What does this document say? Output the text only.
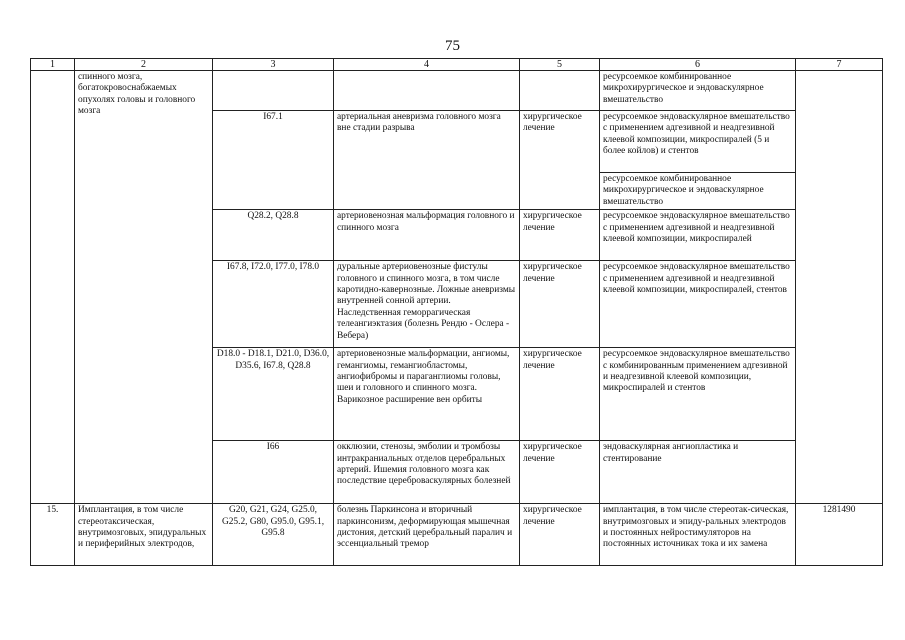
75
1	2	3	4	5	6	7
	спинного мозга, богатокровоснабжаемых опухолях головы и головного мозга				ресурсоемкое комбинированное микрохирургическое и эндоваскулярное вмешательство	
		I67.1	артериальная аневризма головного мозга вне стадии разрыва	хирургическое лечение	ресурсоемкое эндоваскулярное вмешательство с применением адгезивной и неадгезивной клеевой композиции, микроспиралей (5 и более койлов) и стентов	
					ресурсоемкое комбинированное микрохирургическое и эндоваскулярное вмешательство	
		Q28.2, Q28.8	артериовенозная мальформация головного и спинного мозга	хирургическое лечение	ресурсоемкое эндоваскулярное вмешательство с применением адгезивной и неадгезивной клеевой композиции, микроспиралей	
		I67.8, I72.0, I77.0, I78.0	дуральные артериовенозные фистулы головного и спинного мозга, в том числе каротидно-кавернозные. Ложные аневризмы внутренней сонной артерии. Наследственная геморрагическая телеангиэктазия (болезнь Рендю - Ослера - Вебера)	хирургическое лечение	ресурсоемкое эндоваскулярное вмешательство с применением адгезивной и неадгезивной клеевой композиции, микроспиралей, стентов	
		D18.0 - D18.1, D21.0, D36.0, D35.6, I67.8, Q28.8	артериовенозные мальформации, ангиомы, гемангиомы, гемангиобластомы, ангиофибромы и параганглиомы головы, шеи и головного и спинного мозга. Варикозное расширение вен орбиты	хирургическое лечение	ресурсоемкое эндоваскулярное вмешательство с комбинированным применением адгезивной и неадгезивной клеевой композиции, микроспиралей и стентов	
		I66	окклюзии, стенозы, эмболии и тромбозы интракраниальных отделов церебральных артерий. Ишемия головного мозга как последствие цереброваскулярных болезней	хирургическое лечение	эндоваскулярная ангиопластика и стентирование	
15.	Имплантация, в том числе стереотаксическая, внутримозговых, эпидуральных и периферийных электродов,	G20, G21, G24, G25.0, G25.2, G80, G95.0, G95.1, G95.8	болезнь Паркинсона и вторичный паркинсонизм, деформирующая мышечная дистония, детский церебральный паралич и эссенциальный тремор	хирургическое лечение	имплантация, в том числе стереотак-сическая, внутримозговых и эпиду-ральных электродов и постоянных нейростимуляторов на постоянных источниках тока и их замена	1281490
